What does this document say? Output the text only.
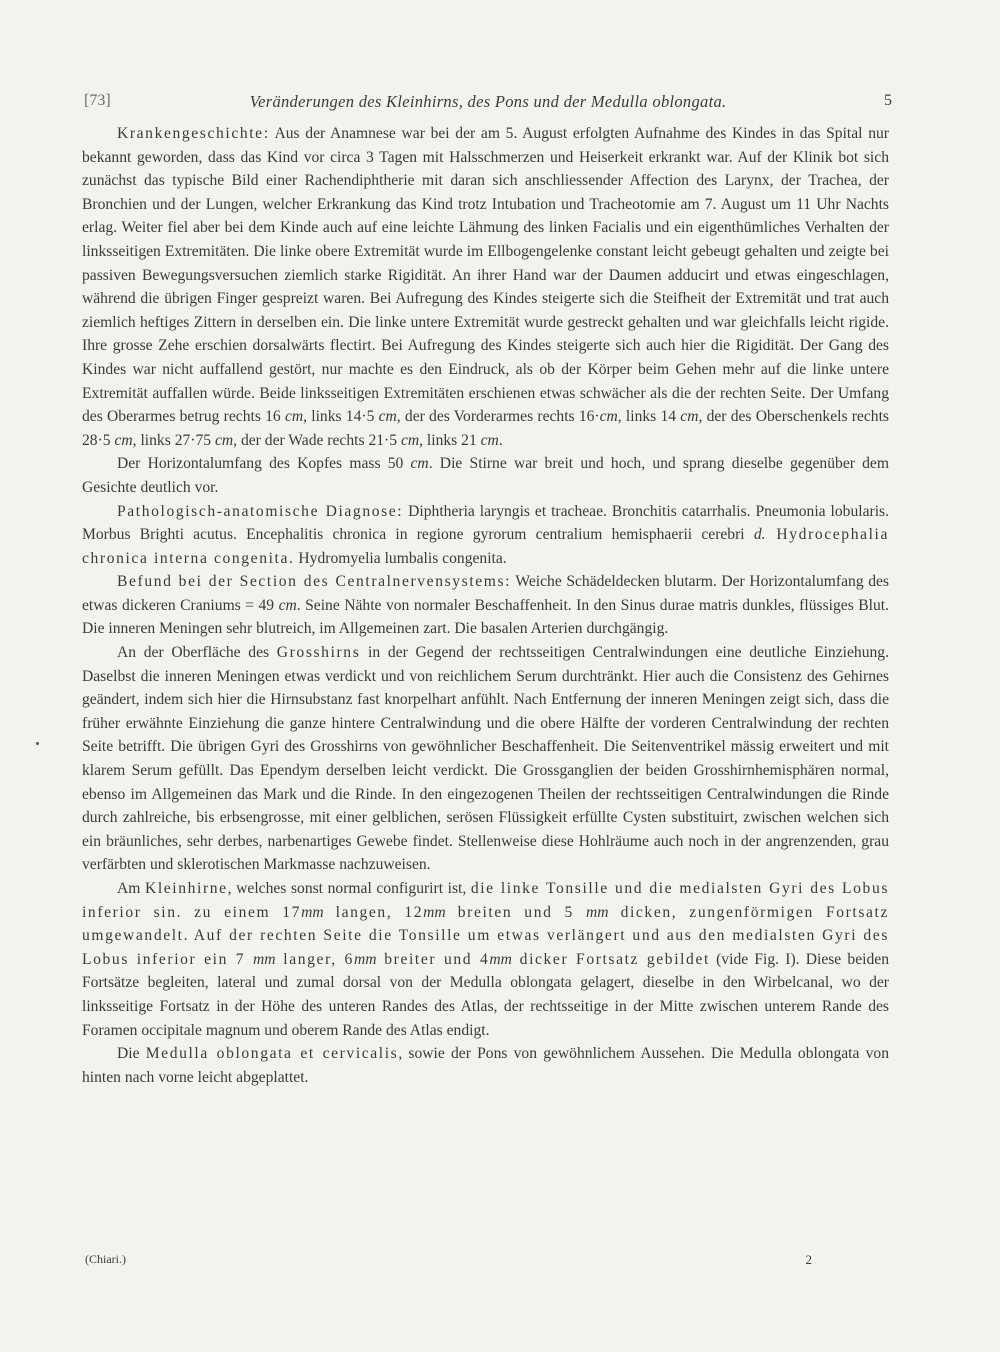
[73]	Veränderungen des Kleinhirns, des Pons und der Medulla oblongata.	5

Krankengeschichte: Aus der Anamnese war bei der am 5. August erfolgten Aufnahme des Kindes in das Spital nur bekannt geworden, dass das Kind vor circa 3 Tagen mit Halsschmerzen und Heiserkeit erkrankt war. Auf der Klinik bot sich zunächst das typische Bild einer Rachendiphtherie mit daran sich anschliessender Affection des Larynx, der Trachea, der Bronchien und der Lungen, welcher Erkrankung das Kind trotz Intubation und Tracheotomie am 7. August um 11 Uhr Nachts erlag. Weiter fiel aber bei dem Kinde auch auf eine leichte Lähmung des linken Facialis und ein eigenthümliches Verhalten der linksseitigen Extremitäten. Die linke obere Extremität wurde im Ellbogengelenke constant leicht gebeugt gehalten und zeigte bei passiven Bewegungsversuchen ziemlich starke Rigidität. An ihrer Hand war der Daumen adducirt und etwas eingeschlagen, während die übrigen Finger gespreizt waren. Bei Aufregung des Kindes steigerte sich die Steifheit der Extremität und trat auch ziemlich heftiges Zittern in derselben ein. Die linke untere Extremität wurde gestreckt gehalten und war gleichfalls leicht rigide. Ihre grosse Zehe erschien dorsalwärts flectirt. Bei Aufregung des Kindes steigerte sich auch hier die Rigidität. Der Gang des Kindes war nicht auffallend gestört, nur machte es den Eindruck, als ob der Körper beim Gehen mehr auf die linke untere Extremität auffallen würde. Beide linksseitigen Extremitäten erschienen etwas schwächer als die der rechten Seite. Der Umfang des Oberarmes betrug rechts 16 cm, links 14·5 cm, der des Vorderarmes rechts 16·cm, links 14 cm, der des Oberschenkels rechts 28·5 cm, links 27·75 cm, der der Wade rechts 21·5 cm, links 21 cm.

Der Horizontalumfang des Kopfes mass 50 cm. Die Stirne war breit und hoch, und sprang dieselbe gegenüber dem Gesichte deutlich vor.

Pathologisch-anatomische Diagnose: Diphtheria laryngis et tracheae. Bronchitis catarrhalis. Pneumonia lobularis. Morbus Brighti acutus. Encephalitis chronica in regione gyrorum centralium hemisphaerii cerebri d. Hydrocephalia chronica interna congenita. Hydromyelia lumbalis congenita.

Befund bei der Section des Centralnervensystems: Weiche Schädeldecken blutarm. Der Horizontalumfang des etwas dickeren Craniums = 49 cm. Seine Nähte von normaler Beschaffenheit. In den Sinus durae matris dunkles, flüssiges Blut. Die inneren Meningen sehr blutreich, im Allgemeinen zart. Die basalen Arterien durchgängig.

An der Oberfläche des Grosshirns in der Gegend der rechtsseitigen Centralwindungen eine deutliche Einziehung. Daselbst die inneren Meningen etwas verdickt und von reichlichem Serum durchtränkt. Hier auch die Consistenz des Gehirnes geändert, indem sich hier die Hirnsubstanz fast knorpelhart anfühlt. Nach Entfernung der inneren Meningen zeigt sich, dass die früher erwähnte Einziehung die ganze hintere Centralwindung und die obere Hälfte der vorderen Centralwindung der rechten Seite betrifft. Die übrigen Gyri des Grosshirns von gewöhnlicher Beschaffenheit. Die Seitenventrikel mässig erweitert und mit klarem Serum gefüllt. Das Ependym derselben leicht verdickt. Die Grossganglien der beiden Grosshirnhemisphären normal, ebenso im Allgemeinen das Mark und die Rinde. In den eingezogenen Theilen der rechtsseitigen Centralwindungen die Rinde durch zahlreiche, bis erbsengrosse, mit einer gelblichen, serösen Flüssigkeit erfüllte Cysten substituirt, zwischen welchen sich ein bräunliches, sehr derbes, narbenartiges Gewebe findet. Stellenweise diese Hohlräume auch noch in der angrenzenden, grau verfärbten und sklerotischen Markmasse nachzuweisen.

Am Kleinhirne, welches sonst normal configurirt ist, die linke Tonsille und die medialsten Gyri des Lobus inferior sin. zu einem 17mm langen, 12mm breiten und 5 mm dicken, zungenförmigen Fortsatz umgewandelt. Auf der rechten Seite die Tonsille um etwas verlängert und aus den medialsten Gyri des Lobus inferior ein 7 mm langer, 6mm breiter und 4mm dicker Fortsatz gebildet (vide Fig. I). Diese beiden Fortsätze begleiten, lateral und zumal dorsal von der Medulla oblongata gelagert, dieselbe in den Wirbelcanal, wo der linksseitige Fortsatz in der Höhe des unteren Randes des Atlas, der rechtsseitige in der Mitte zwischen unterem Rande des Foramen occipitale magnum und oberem Rande des Atlas endigt.

Die Medulla oblongata et cervicalis, sowie der Pons von gewöhnlichem Aussehen. Die Medulla oblongata von hinten nach vorne leicht abgeplattet.

(Chiari.)	2
